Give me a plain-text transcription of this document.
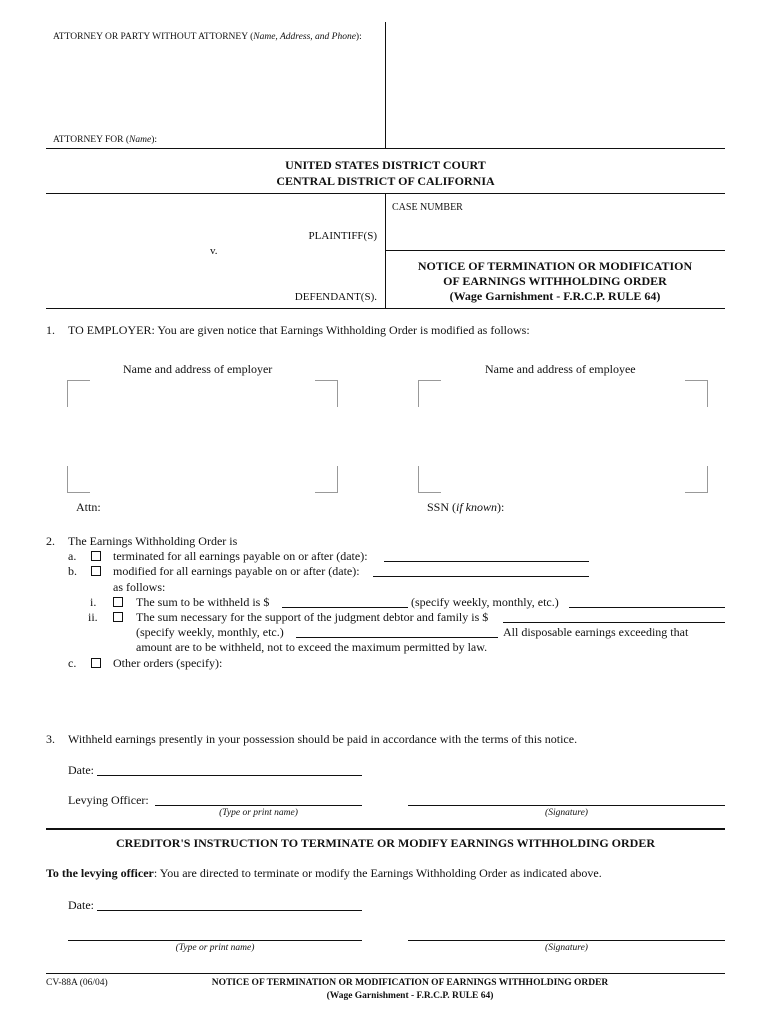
ATTORNEY OR PARTY WITHOUT ATTORNEY (Name, Address, and Phone):
ATTORNEY FOR (Name):
UNITED STATES DISTRICT COURT
CENTRAL DISTRICT OF CALIFORNIA
CASE NUMBER
PLAINTIFF(S)
v.
DEFENDANT(S).
NOTICE OF TERMINATION OR MODIFICATION
OF EARNINGS WITHHOLDING ORDER
(Wage Garnishment - F.R.C.P. RULE 64)
1. TO EMPLOYER: You are given notice that Earnings Withholding Order is modified as follows:
Name and address of employer	Name and address of employee
Attn:	SSN (if known):
2. The Earnings Withholding Order is
a.	terminated for all earnings payable on or after (date):
b.	modified for all earnings payable on or after (date):
as follows:
i.	The sum to be withheld is $	(specify weekly, monthly, etc.)
ii.	The sum necessary for the support of the judgment debtor and family is $
(specify weekly, monthly, etc.)	All disposable earnings exceeding that
amount are to be withheld, not to exceed the maximum permitted by law.
c.	Other orders (specify):
3. Withheld earnings presently in your possession should be paid in accordance with the terms of this notice.
Date:
Levying Officer:
(Type or print name)	(Signature)
CREDITOR'S INSTRUCTION TO TERMINATE OR MODIFY EARNINGS WITHHOLDING ORDER
To the levying officer: You are directed to terminate or modify the Earnings Withholding Order as indicated above.
Date:
(Type or print name)	(Signature)
CV-88A (06/04)	NOTICE OF TERMINATION OR MODIFICATION OF EARNINGS WITHHOLDING ORDER
(Wage Garnishment - F.R.C.P. RULE 64)
